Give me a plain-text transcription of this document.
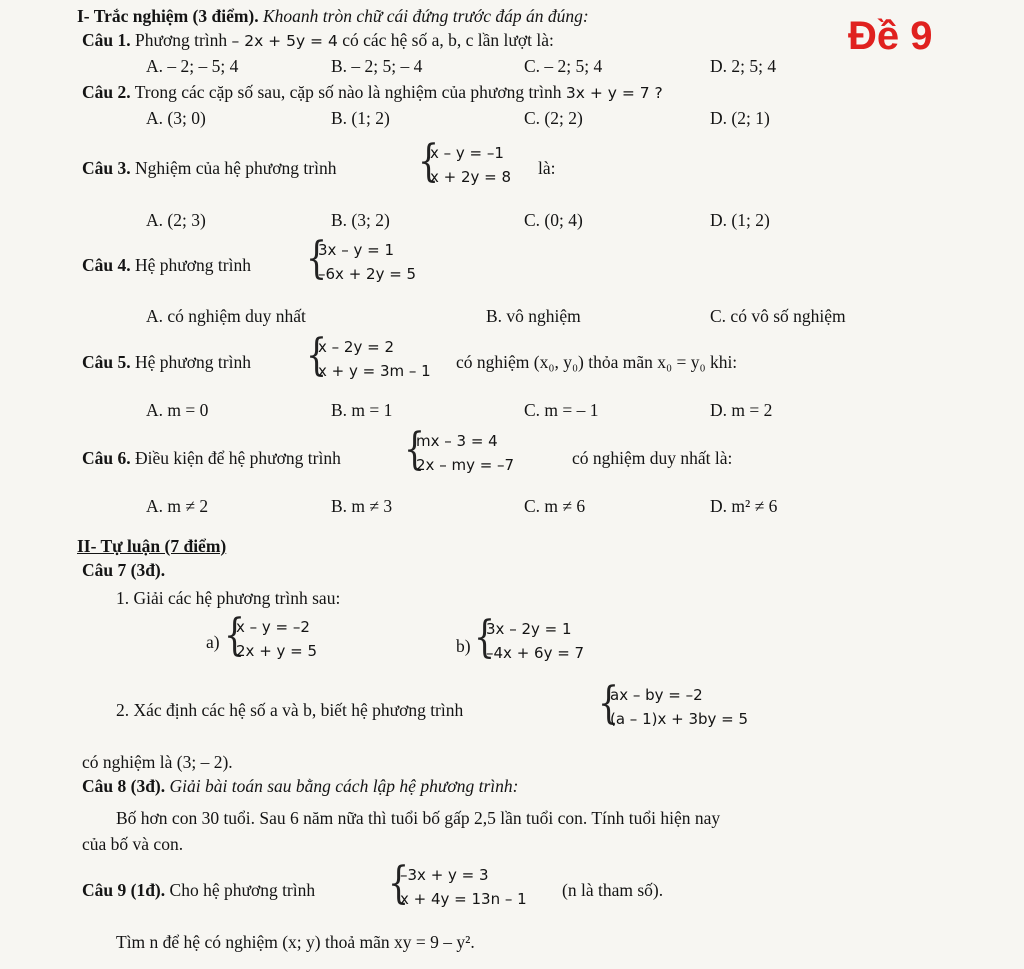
I- Trắc nghiệm (3 điểm). Khoanh tròn chữ cái đứng trước đáp án đúng:	Đề 9
Câu 1. Phương trình – 2x + 5y = 4 có các hệ số a, b, c lần lượt là:
A. – 2; – 5; 4	B. – 2; 5; – 4	C. – 2; 5; 4	D. 2; 5; 4
Câu 2. Trong các cặp số sau, cặp số nào là nghiệm của phương trình 3x + y = 7 ?
A. (3; 0)	B. (1; 2)	C. (2; 2)	D. (2; 1)
Câu 3. Nghiệm của hệ phương trình {
x – y = –1
x + 2y = 8 là:
A. (2; 3)	B. (3; 2)	C. (0; 4)	D. (1; 2)
Câu 4. Hệ phương trình {
3x – y = 1
–6x + 2y = 5
A. có nghiệm duy nhất	B. vô nghiệm	C. có vô số nghiệm
Câu 5. Hệ phương trình {
x – 2y = 2
x + y = 3m – 1 có nghiệm (x₀, y₀) thỏa mãn x₀ = y₀ khi:
A. m = 0	B. m = 1	C. m = – 1	D. m = 2
Câu 6. Điều kiện để hệ phương trình {
mx – 3 = 4
2x – my = –7	có nghiệm duy nhất là:
A. m ≠ 2	B. m ≠ 3	C. m ≠ 6	D. m² ≠ 6
II- Tự luận (7 điểm)
Câu 7 (3đ).
1. Giải các hệ phương trình sau:
a) {
x – y = –2
2x + y = 5	b) {
3x – 2y = 1
–4x + 6y = 7
2. Xác định các hệ số a và b, biết hệ phương trình	{
ax – by = –2
(a – 1)x + 3by = 5
có nghiệm là (3; – 2).
Câu 8 (3đ). Giải bài toán sau bằng cách lập hệ phương trình:
Bố hơn con 30 tuổi. Sau 6 năm nữa thì tuổi bố gấp 2,5 lần tuổi con. Tính tuổi hiện nay
của bố và con.
Câu 9 (1đ). Cho hệ phương trình {
–3x + y = 3
x + 4y = 13n – 1 (n là tham số).
Tìm n để hệ có nghiệm (x; y) thoả mãn xy = 9 – y².
